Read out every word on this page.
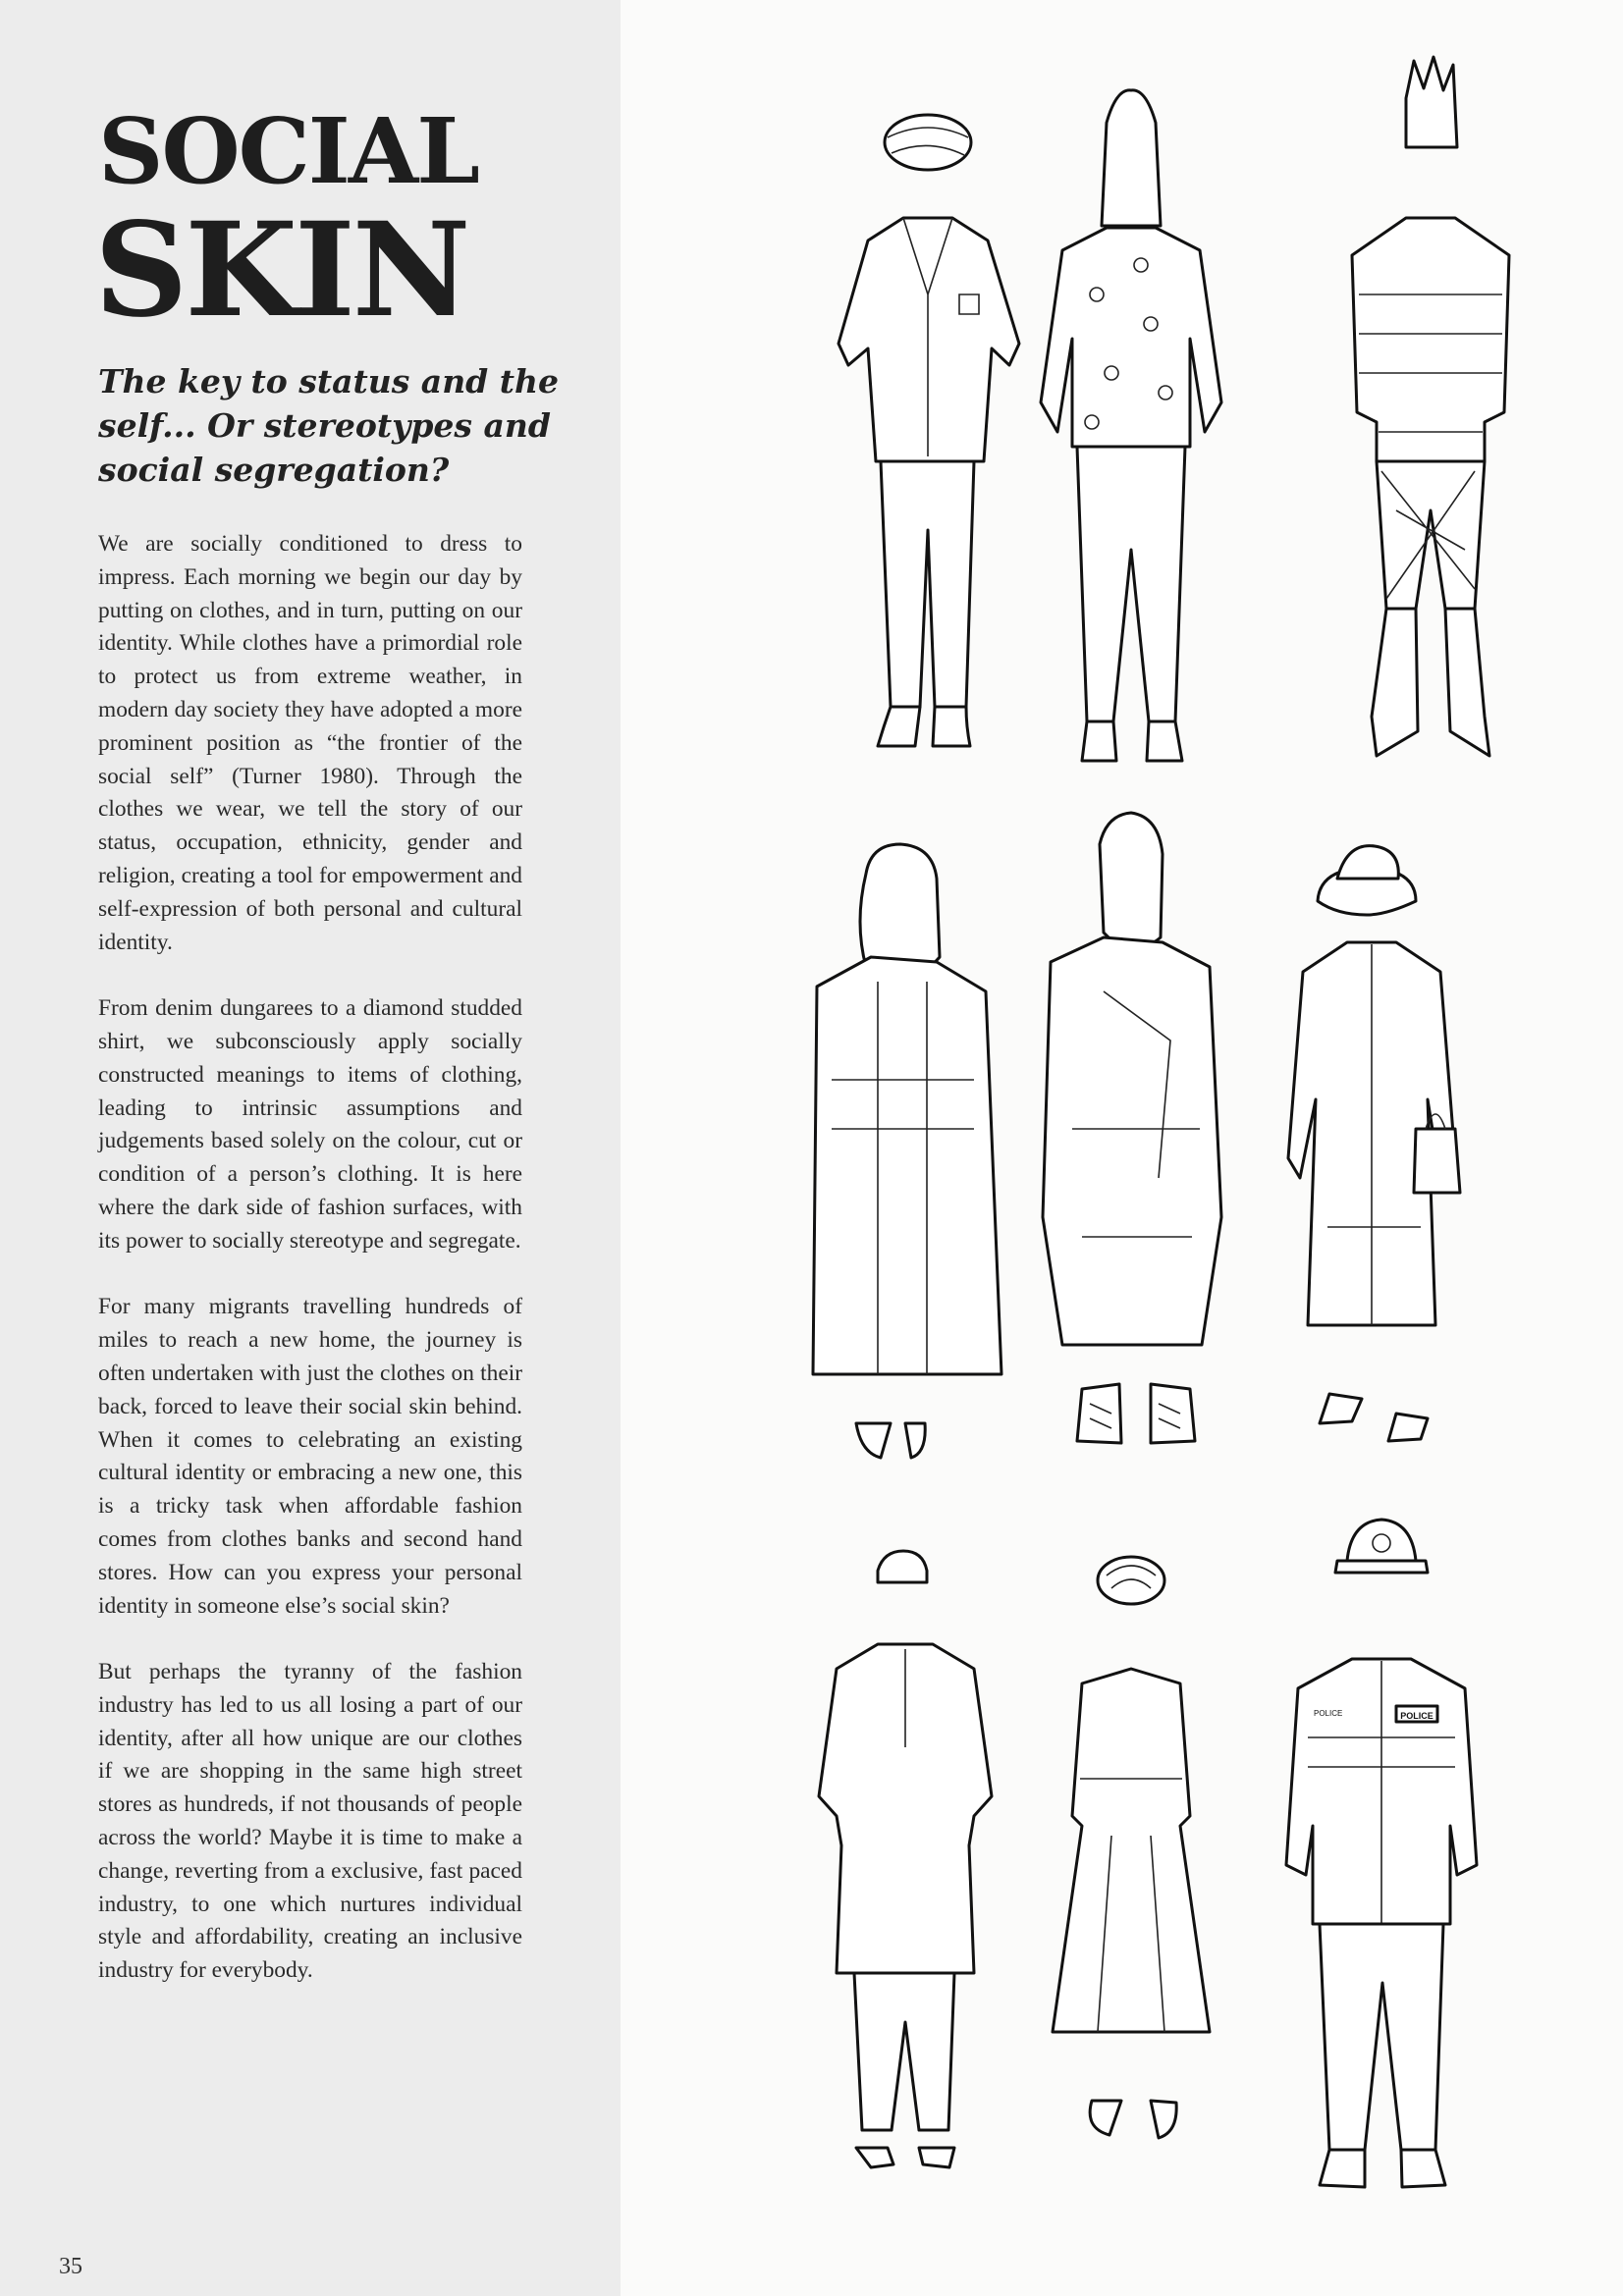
SOCIAL
SKIN
The key to status and the self... Or stereotypes and social segregation?

We are socially conditioned to dress to impress. Each morning we begin our day by putting on clothes, and in turn, putting on our identity. While clothes have a primordial role to protect us from extreme weather, in modern day society they have adopted a more prominent position as “the frontier of the social self” (Turner 1980). Through the clothes we wear, we tell the story of our status, occupation, ethnicity, gender and religion, creating a tool for empowerment and self-expression of both personal and cultural identity.

From denim dungarees to a diamond studded shirt, we subconsciously apply socially constructed meanings to items of clothing, leading to intrinsic assumptions and judgements based solely on the colour, cut or condition of a person’s clothing. It is here where the dark side of fashion surfaces, with its power to socially stereotype and segregate.

For many migrants travelling hundreds of miles to reach a new home, the journey is often undertaken with just the clothes on their back, forced to leave their social skin behind. When it comes to celebrating an existing cultural identity or embracing a new one, this is a tricky task when affordable fashion comes from clothes banks and second hand stores. How can you express your personal identity in someone else’s social skin?

But perhaps the tyranny of the fashion industry has led to us all losing a part of our identity, after all how unique are our clothes if we are shopping in the same high street stores as hundreds, if not thousands of people across the world? Maybe it is time to make a change, reverting from a exclusive, fast paced industry, to one which nurtures individual style and affordability, creating an inclusive industry for everybody.

35
POLICE
POLICE
